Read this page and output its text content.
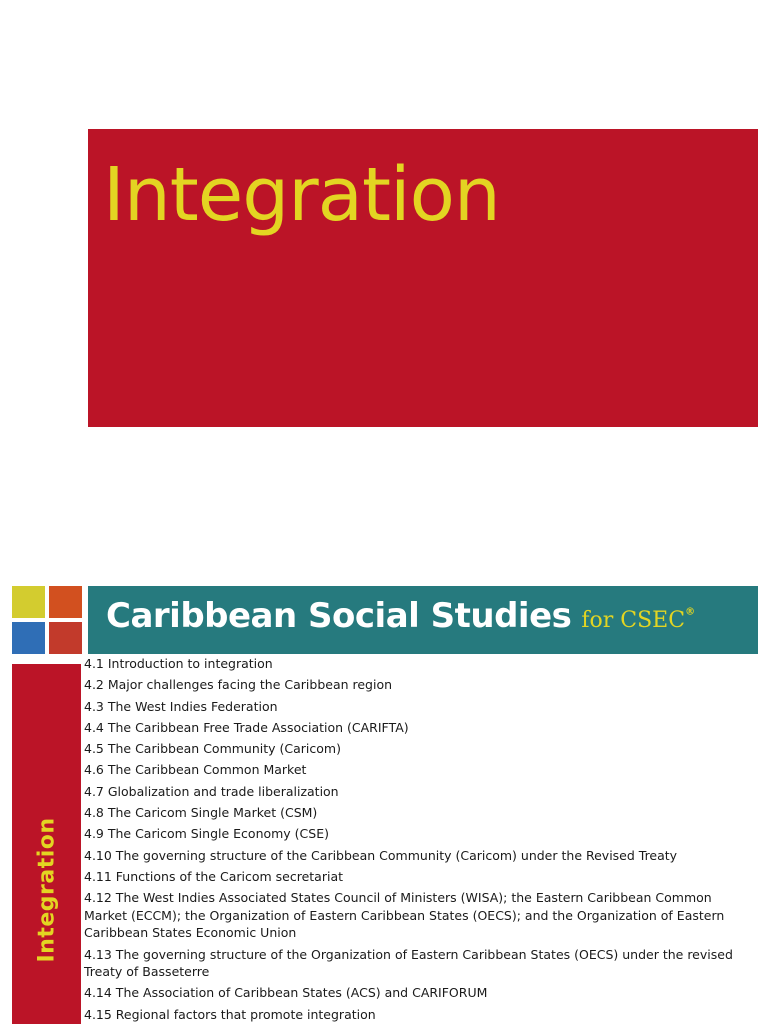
Integration
Caribbean Social Studies for CSEC®
Integration
4.1 Introduction to integration
4.2 Major challenges facing the Caribbean region
4.3 The West Indies Federation
4.4 The Caribbean Free Trade Association (CARIFTA)
4.5 The Caribbean Community (Caricom)
4.6 The Caribbean Common Market
4.7 Globalization and trade liberalization
4.8 The Caricom Single Market (CSM)
4.9 The Caricom Single Economy (CSE)
4.10 The governing structure of the Caribbean Community (Caricom) under the Revised Treaty
4.11 Functions of the Caricom secretariat
4.12 The West Indies Associated States Council of Ministers (WISA); the Eastern Caribbean Common Market (ECCM); the Organization of Eastern Caribbean States (OECS); and the Organization of Eastern Caribbean States Economic Union
4.13 The governing structure of the Organization of Eastern Caribbean States (OECS) under the revised Treaty of Basseterre
4.14 The Association of Caribbean States (ACS) and CARIFORUM
4.15 Regional factors that promote integration
